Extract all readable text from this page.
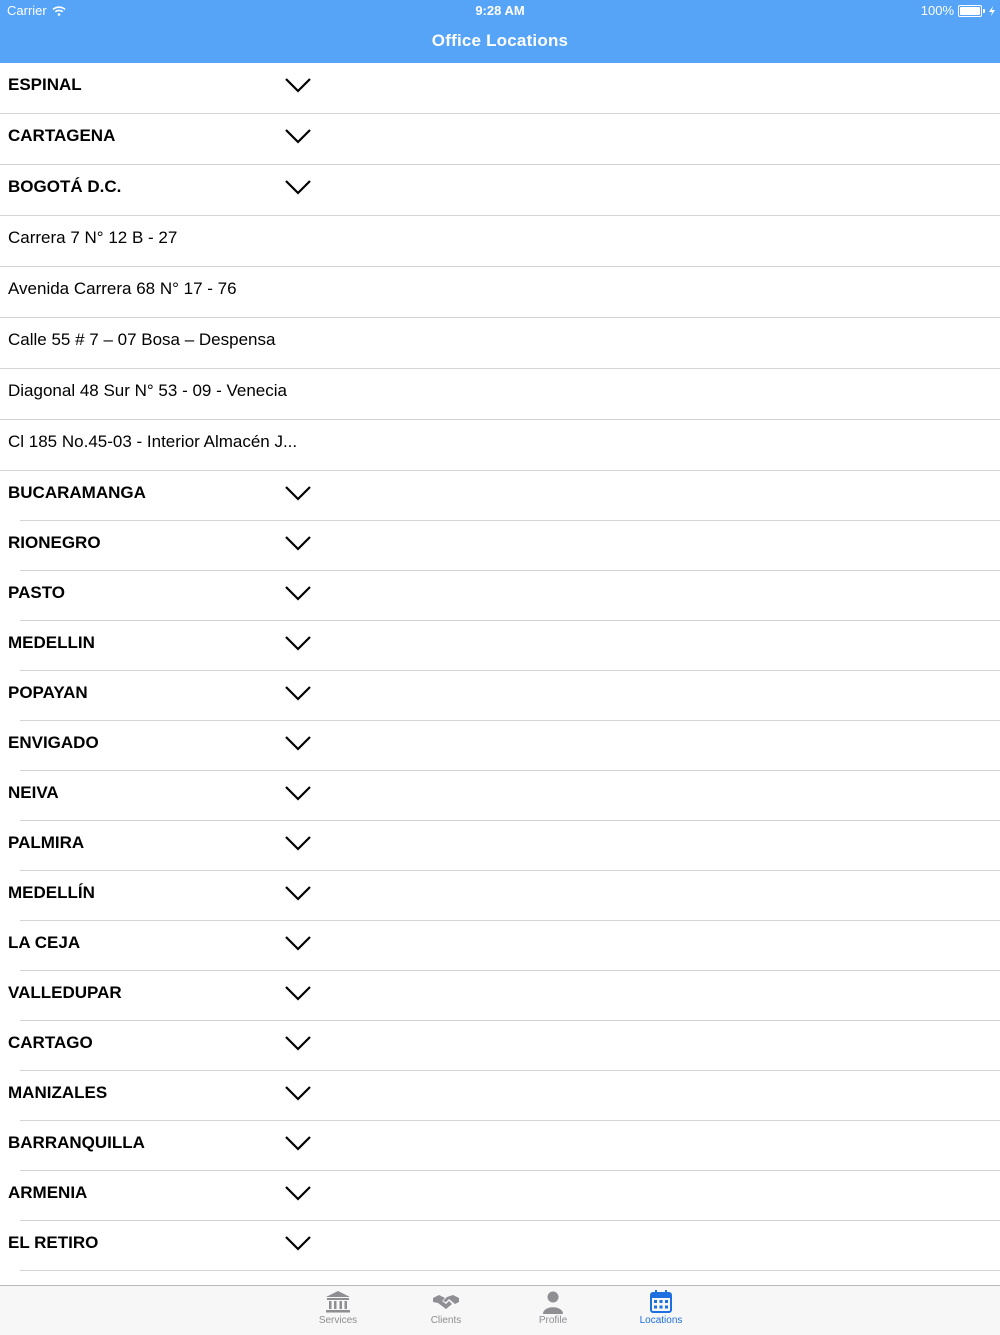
Carrier	9:28 AM	100%
Office Locations
ESPINAL
CARTAGENA
BOGOTÁ D.C.
Carrera 7 N° 12 B - 27
Avenida Carrera 68 N° 17 - 76
Calle 55 # 7 – 07 Bosa – Despensa
Diagonal 48 Sur N° 53 - 09 - Venecia
Cl 185 No.45-03 - Interior Almacén J...
BUCARAMANGA
RIONEGRO
PASTO
MEDELLIN
POPAYAN
ENVIGADO
NEIVA
PALMIRA
MEDELLÍN
LA CEJA
VALLEDUPAR
CARTAGO
MANIZALES
BARRANQUILLA
ARMENIA
EL RETIRO
Services	Clients	Profile	Locations
